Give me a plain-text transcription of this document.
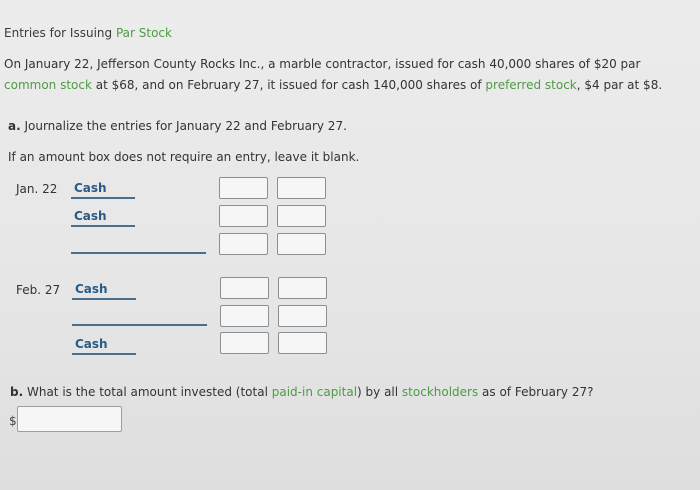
Entries for Issuing Par Stock
On January 22, Jefferson County Rocks Inc., a marble contractor, issued for cash 40,000 shares of $20 par
common stock at $68, and on February 27, it issued for cash 140,000 shares of preferred stock, $4 par at $8.
a. Journalize the entries for January 22 and February 27.
If an amount box does not require an entry, leave it blank.
Jan. 22 Cash
Cash
Feb. 27 Cash
Cash
b. What is the total amount invested (total paid-in capital) by all stockholders as of February 27?
$
